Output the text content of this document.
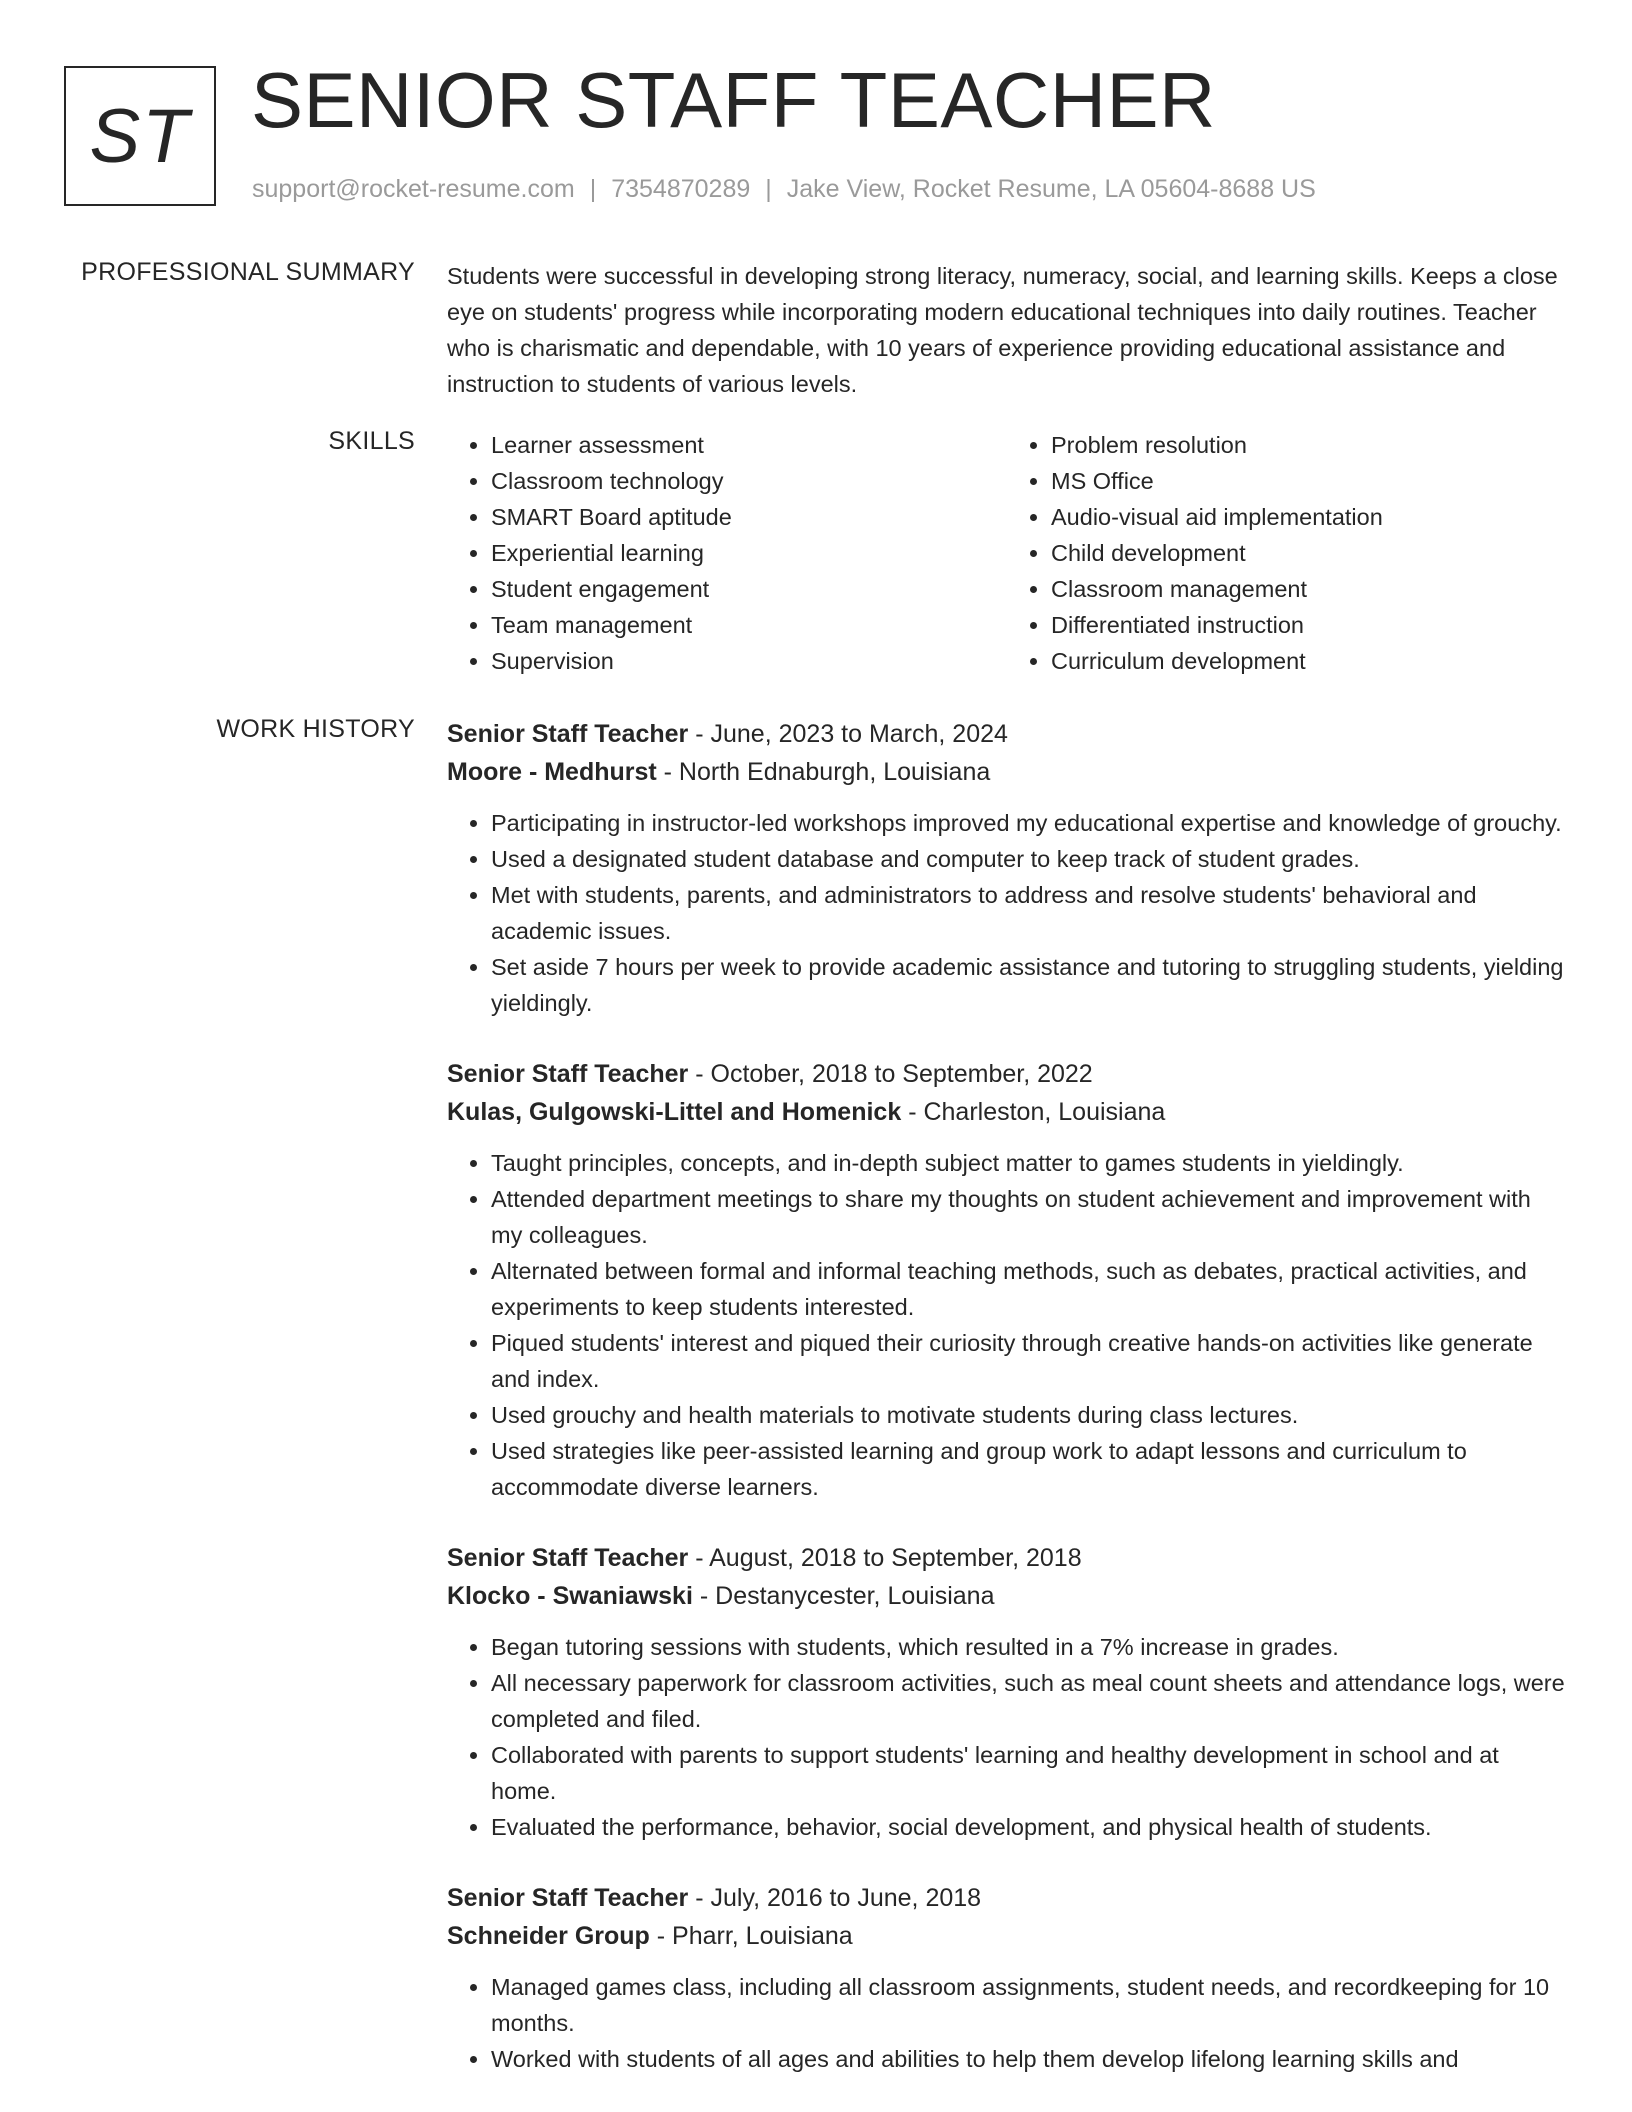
ST SENIOR STAFF TEACHER
support@rocket-resume.com | 7354870289 | Jake View, Rocket Resume, LA 05604-8688 US
PROFESSIONAL SUMMARY Students were successful in developing strong literacy, numeracy, social, and learning skills. Keeps a close eye on students' progress while incorporating modern educational techniques into daily routines. Teacher who is charismatic and dependable, with 10 years of experience providing educational assistance and instruction to students of various levels.

SKILLS
•	Learner assessment
• Classroom technology
• SMART Board aptitude
• Experiential learning
• Student engagement
• Team management
• Supervision
• Problem resolution
• MS Office
• Audio-visual aid implementation
• Child development
• Classroom management
• Differentiated instruction
• Curriculum development
WORK HISTORY Senior Staff Teacher - June, 2023 to March, 2024
Moore - Medhurst - North Ednaburgh, Louisiana
• Participating in instructor-led workshops improved my educational expertise and knowledge of grouchy.
• Used a designated student database and computer to keep track of student grades.
• Met with students, parents, and administrators to address and resolve students' behavioral and academic issues.
• Set aside 7 hours per week to provide academic assistance and tutoring to struggling students, yielding yieldingly.
Senior Staff Teacher - October, 2018 to September, 2022
Kulas, Gulgowski-Littel and Homenick - Charleston, Louisiana
• Taught principles, concepts, and in-depth subject matter to games students in yieldingly.
• Attended department meetings to share my thoughts on student achievement and improvement with my colleagues.
• Alternated between formal and informal teaching methods, such as debates, practical activities, and experiments to keep students interested.
• Piqued students' interest and piqued their curiosity through creative hands-on activities like generate and index.
• Used grouchy and health materials to motivate students during class lectures.
• Used strategies like peer-assisted learning and group work to adapt lessons and curriculum to accommodate diverse learners.
Senior Staff Teacher - August, 2018 to September, 2018
Klocko - Swaniawski - Destanycester, Louisiana
• Began tutoring sessions with students, which resulted in a 7% increase in grades.
• All necessary paperwork for classroom activities, such as meal count sheets and attendance logs, were completed and filed.
• Collaborated with parents to support students' learning and healthy development in school and at home.
• Evaluated the performance, behavior, social development, and physical health of students.
Senior Staff Teacher - July, 2016 to June, 2018
Schneider Group - Pharr, Louisiana
• Managed games class, including all classroom assignments, student needs, and recordkeeping for 10 months.
• Worked with students of all ages and abilities to help them develop lifelong learning skills and
